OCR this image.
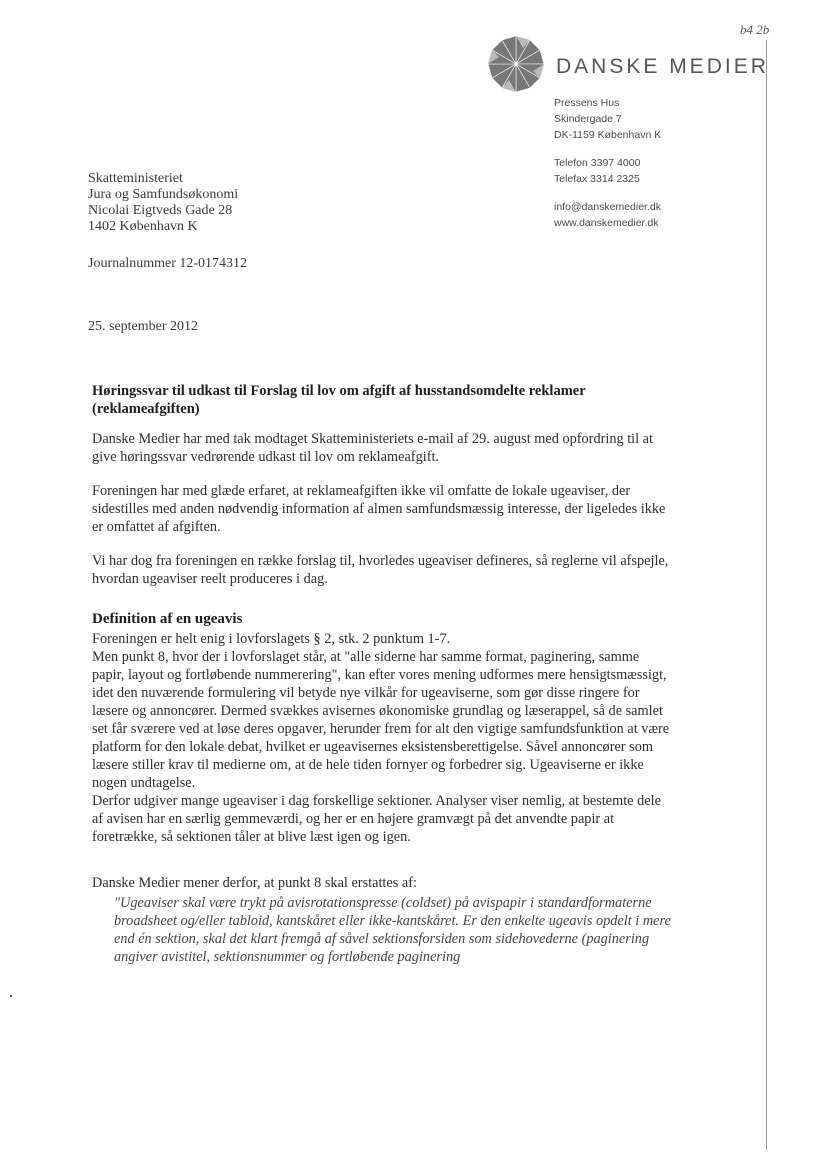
b4 2b
DANSKE MEDIER
Pressens Hus
Skindergade 7
DK-1159 København K
Telefon 3397 4000
Telefax 3314 2325
info@danskemedier.dk
www.danskemedier.dk
Skatteministeriet
Jura og Samfundsøkonomi
Nicolai Eigtveds Gade 28
1402 København K
Journalnummer 12-0174312
25. september 2012
Høringssvar til udkast til Forslag til lov om afgift af husstandsomdelte reklamer (reklameafgiften)

Danske Medier har med tak modtaget Skatteministeriets e-mail af 29. august med opfordring til at give høringssvar vedrørende udkast til lov om reklameafgift.

Foreningen har med glæde erfaret, at reklameafgiften ikke vil omfatte de lokale ugeaviser, der sidestilles med anden nødvendig information af almen samfundsmæssig interesse, der ligeledes ikke er omfattet af afgiften.

Vi har dog fra foreningen en række forslag til, hvorledes ugeaviser defineres, så reglerne vil afspejle, hvordan ugeaviser reelt produceres i dag.

Definition af en ugeavis
Foreningen er helt enig i lovforslagets § 2, stk. 2 punktum 1-7.
Men punkt 8, hvor der i lovforslaget står, at "alle siderne har samme format, paginering, samme papir, layout og fortløbende nummerering", kan efter vores mening udformes mere hensigtsmæssigt, idet den nuværende formulering vil betyde nye vilkår for ugeaviserne, som gør disse ringere for læsere og annoncører. Dermed svækkes avisernes økonomiske grundlag og læserappel, så de samlet set får sværere ved at løse deres opgaver, herunder frem for alt den vigtige samfundsfunktion at være platform for den lokale debat, hvilket er ugeavisernes eksistensberettigelse. Såvel annoncører som læsere stiller krav til medierne om, at de hele tiden fornyer og forbedrer sig. Ugeaviserne er ikke nogen undtagelse.
Derfor udgiver mange ugeaviser i dag forskellige sektioner. Analyser viser nemlig, at bestemte dele af avisen har en særlig gemmeværdi, og her er en højere gramvægt på det anvendte papir at foretrække, så sektionen tåler at blive læst igen og igen.
Danske Medier mener derfor, at punkt 8 skal erstattes af:
"Ugeaviser skal være trykt på avisrotationspresse (coldset) på avispapir i standardformaterne broadsheet og/eller tabloid, kantskåret eller ikke-kantskåret. Er den enkelte ugeavis opdelt i mere end én sektion, skal det klart fremgå af såvel sektionsforsiden som sidehovederne (paginering angiver avistitel, sektionsnummer og fortløbende paginering
